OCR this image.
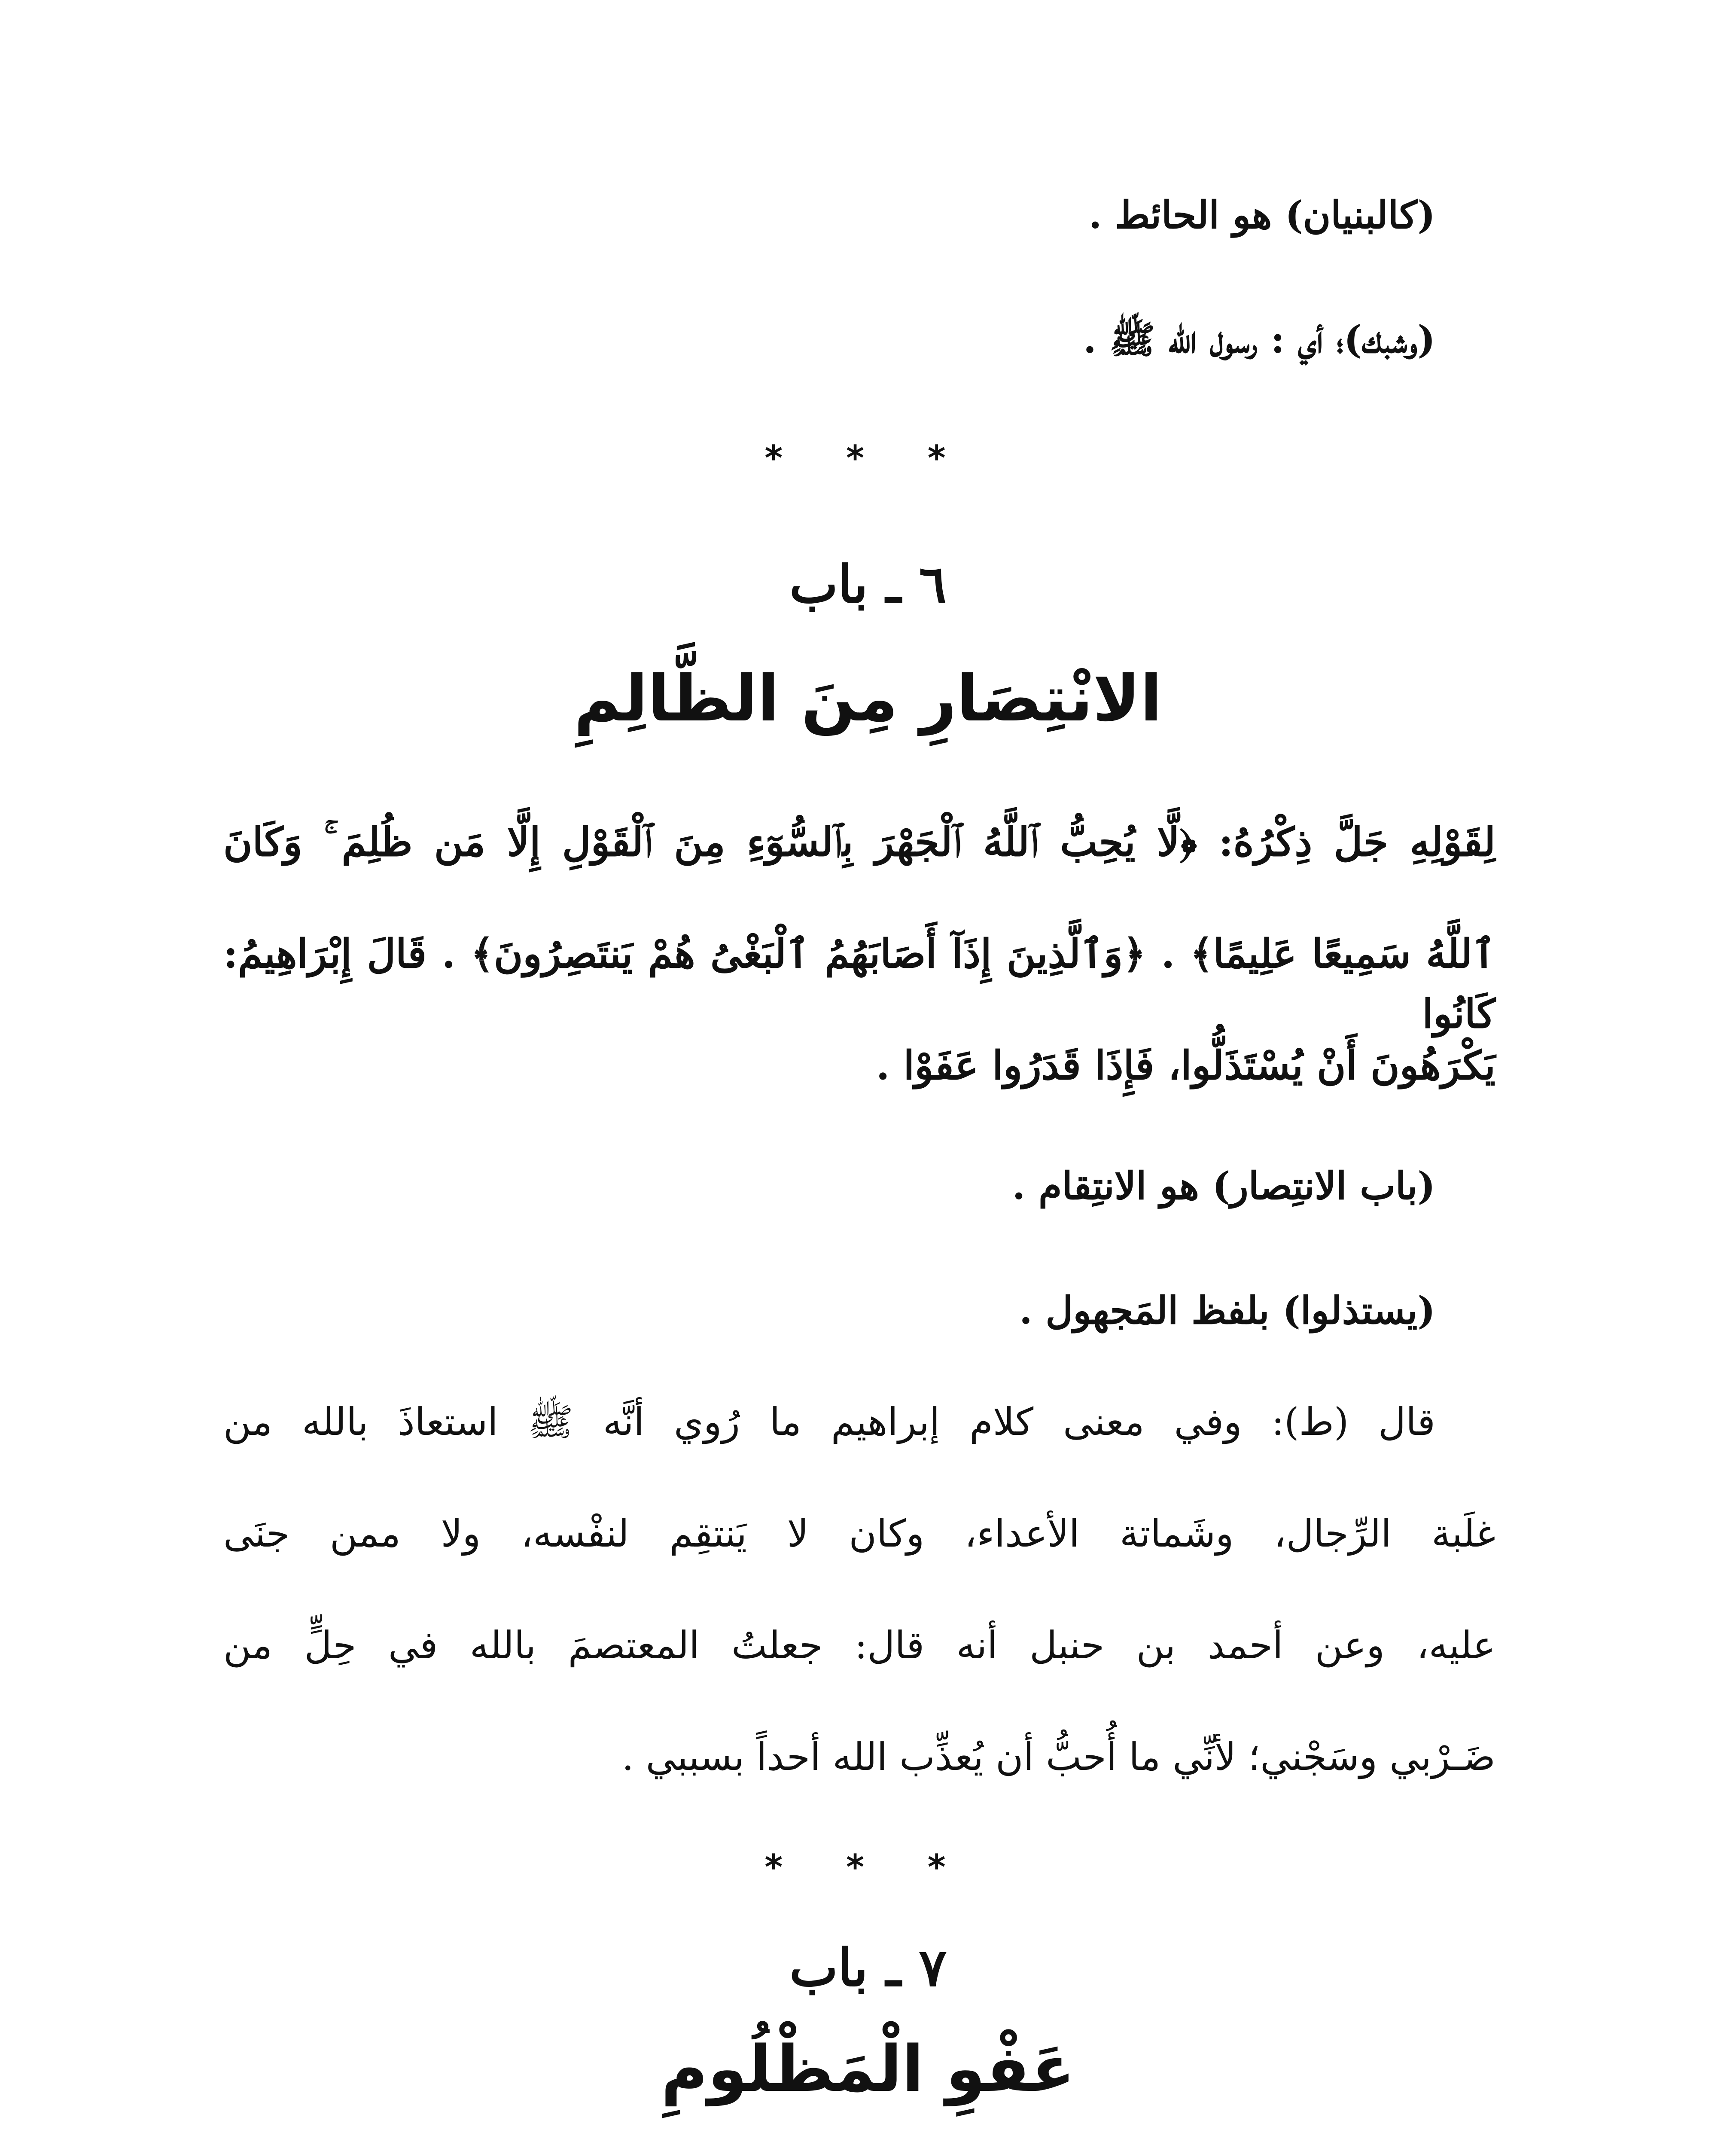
(كالبنيان) هو الحائط .

(وشبك)؛ أي : رسول الله ﷺ .

* * *
٦ ـ باب
الانْتِصَارِ مِنَ الظَّالِمِ

لِقَوْلِهِ جَلَّ ذِكْرُهُ: ﴿لَّا يُحِبُّ ٱللَّهُ ٱلْجَهْرَ بِٱلسُّوٓءِ مِنَ ٱلْقَوْلِ إِلَّا مَن ظُلِمَ ۚ وَكَانَ

ٱللَّهُ سَمِيعًا عَلِيمًا﴾ . ﴿وَٱلَّذِينَ إِذَآ أَصَابَهُمُ ٱلْبَغْىُ هُمْ يَنتَصِرُونَ﴾ . قَالَ إِبْرَاهِيمُ: كَانُوا

يَكْرَهُونَ أَنْ يُسْتَذَلُّوا، فَإِذَا قَدَرُوا عَفَوْا .

(باب الانتِصار) هو الانتِقام .

(يستذلوا) بلفظ المَجهول .

قال (ط): وفي معنى كلام إبراهيم ما رُوي أنَّه ﷺ استعاذَ بالله من

غلَبة الرِّجال، وشَماتة الأعداء، وكان لا يَنتقِم لنفْسه، ولا ممن جنَى

عليه، وعن أحمد بن حنبل أنه قال: جعلتُ المعتصمَ بالله في حِلٍّ من

ضَـرْبي وسَجْني؛ لأنِّي ما أُحبُّ أن يُعذِّب الله أحداً بسببي .

* * *
٧ ـ باب
عَفْوِ الْمَظْلُومِ
